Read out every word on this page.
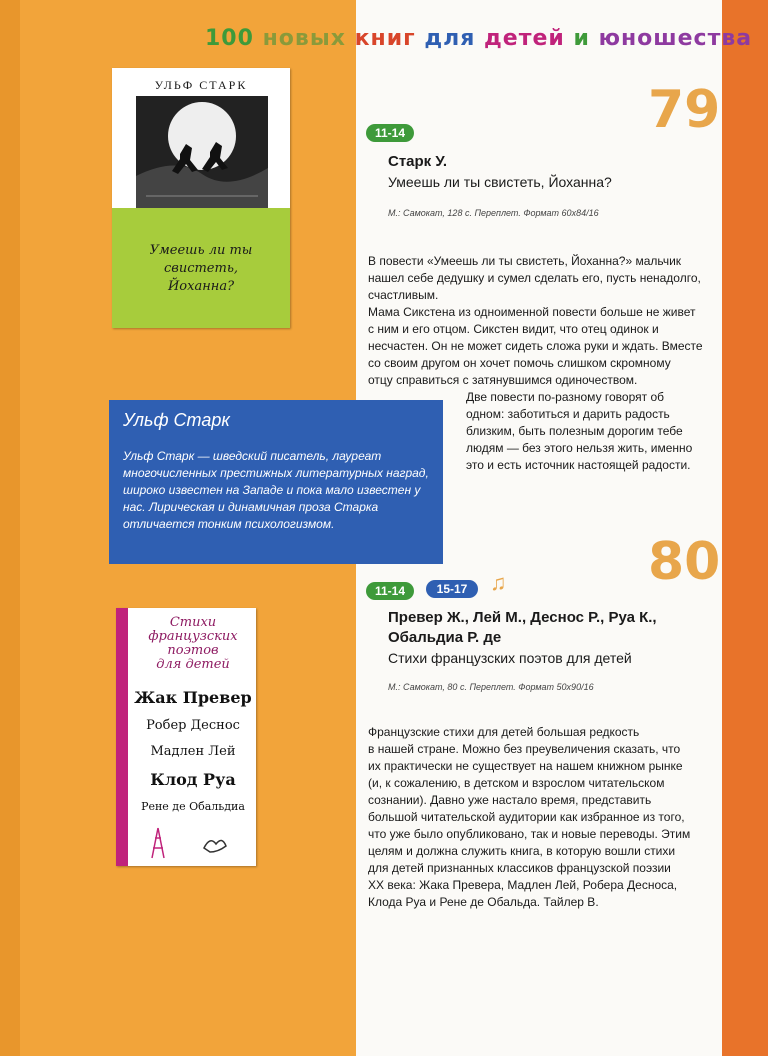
100 новых книг для детей и юношества
УЛЬФ СТАРК
Умеешь ли ты свистеть,
Йоханна?
79
11-14
Старк У.
Умеешь ли ты свистеть, Йоханна?
М.: Самокат, 128 с. Переплет. Формат 60х84/16
В повести «Умеешь ли ты свистеть, Йоханна?» мальчик
нашел себе дедушку и сумел сделать его, пусть ненадолго,
счастливым.
Мама Сикстена из одноименной повести больше не живет
с ним и его отцом. Сикстен видит, что отец одинок и
несчастен. Он не может сидеть сложа руки и ждать. Вместе
со своим другом он хочет помочь слишком скромному
отцу справиться с затянувшимся одиночеством.
Две повести по-разному говорят об
одном: заботиться и дарить радость
близким, быть полезным дорогим тебе
людям — без этого нельзя жить, именно
это и есть источник настоящей радости.
Ульф Старк
Ульф Старк — шведский писатель, лауреат многочисленных престижных литературных наград, широко известен на Западе и пока мало известен у нас. Лирическая и динамичная проза Старка отличается тонким психологизмом.
Стихи
французских
поэтов
для детей
Жак Превер
Робер Деснос
Мадлен Лей
Клод Руа
Рене де Обальдиа
80
11-14	15-17	♫
Превер Ж., Лей М., Деснос Р., Руа К.,
Обальдиа Р. де
Стихи французских поэтов для детей
М.: Самокат, 80 с. Переплет. Формат 50х90/16
Французские стихи для детей большая редкость
в нашей стране. Можно без преувеличения сказать, что
их практически не существует на нашем книжном рынке
(и, к сожалению, в детском и взрослом читательском
сознании). Давно уже настало время, представить
большой читательской аудитории как избранное из того,
что уже было опубликовано, так и новые переводы. Этим
целям и должна служить книга, в которую вошли стихи
для детей признанных классиков французской поэзии
XX века: Жака Превера, Мадлен Лей, Робера Десноса,
Клода Руа и Рене де Обальда. Тайлер В.
